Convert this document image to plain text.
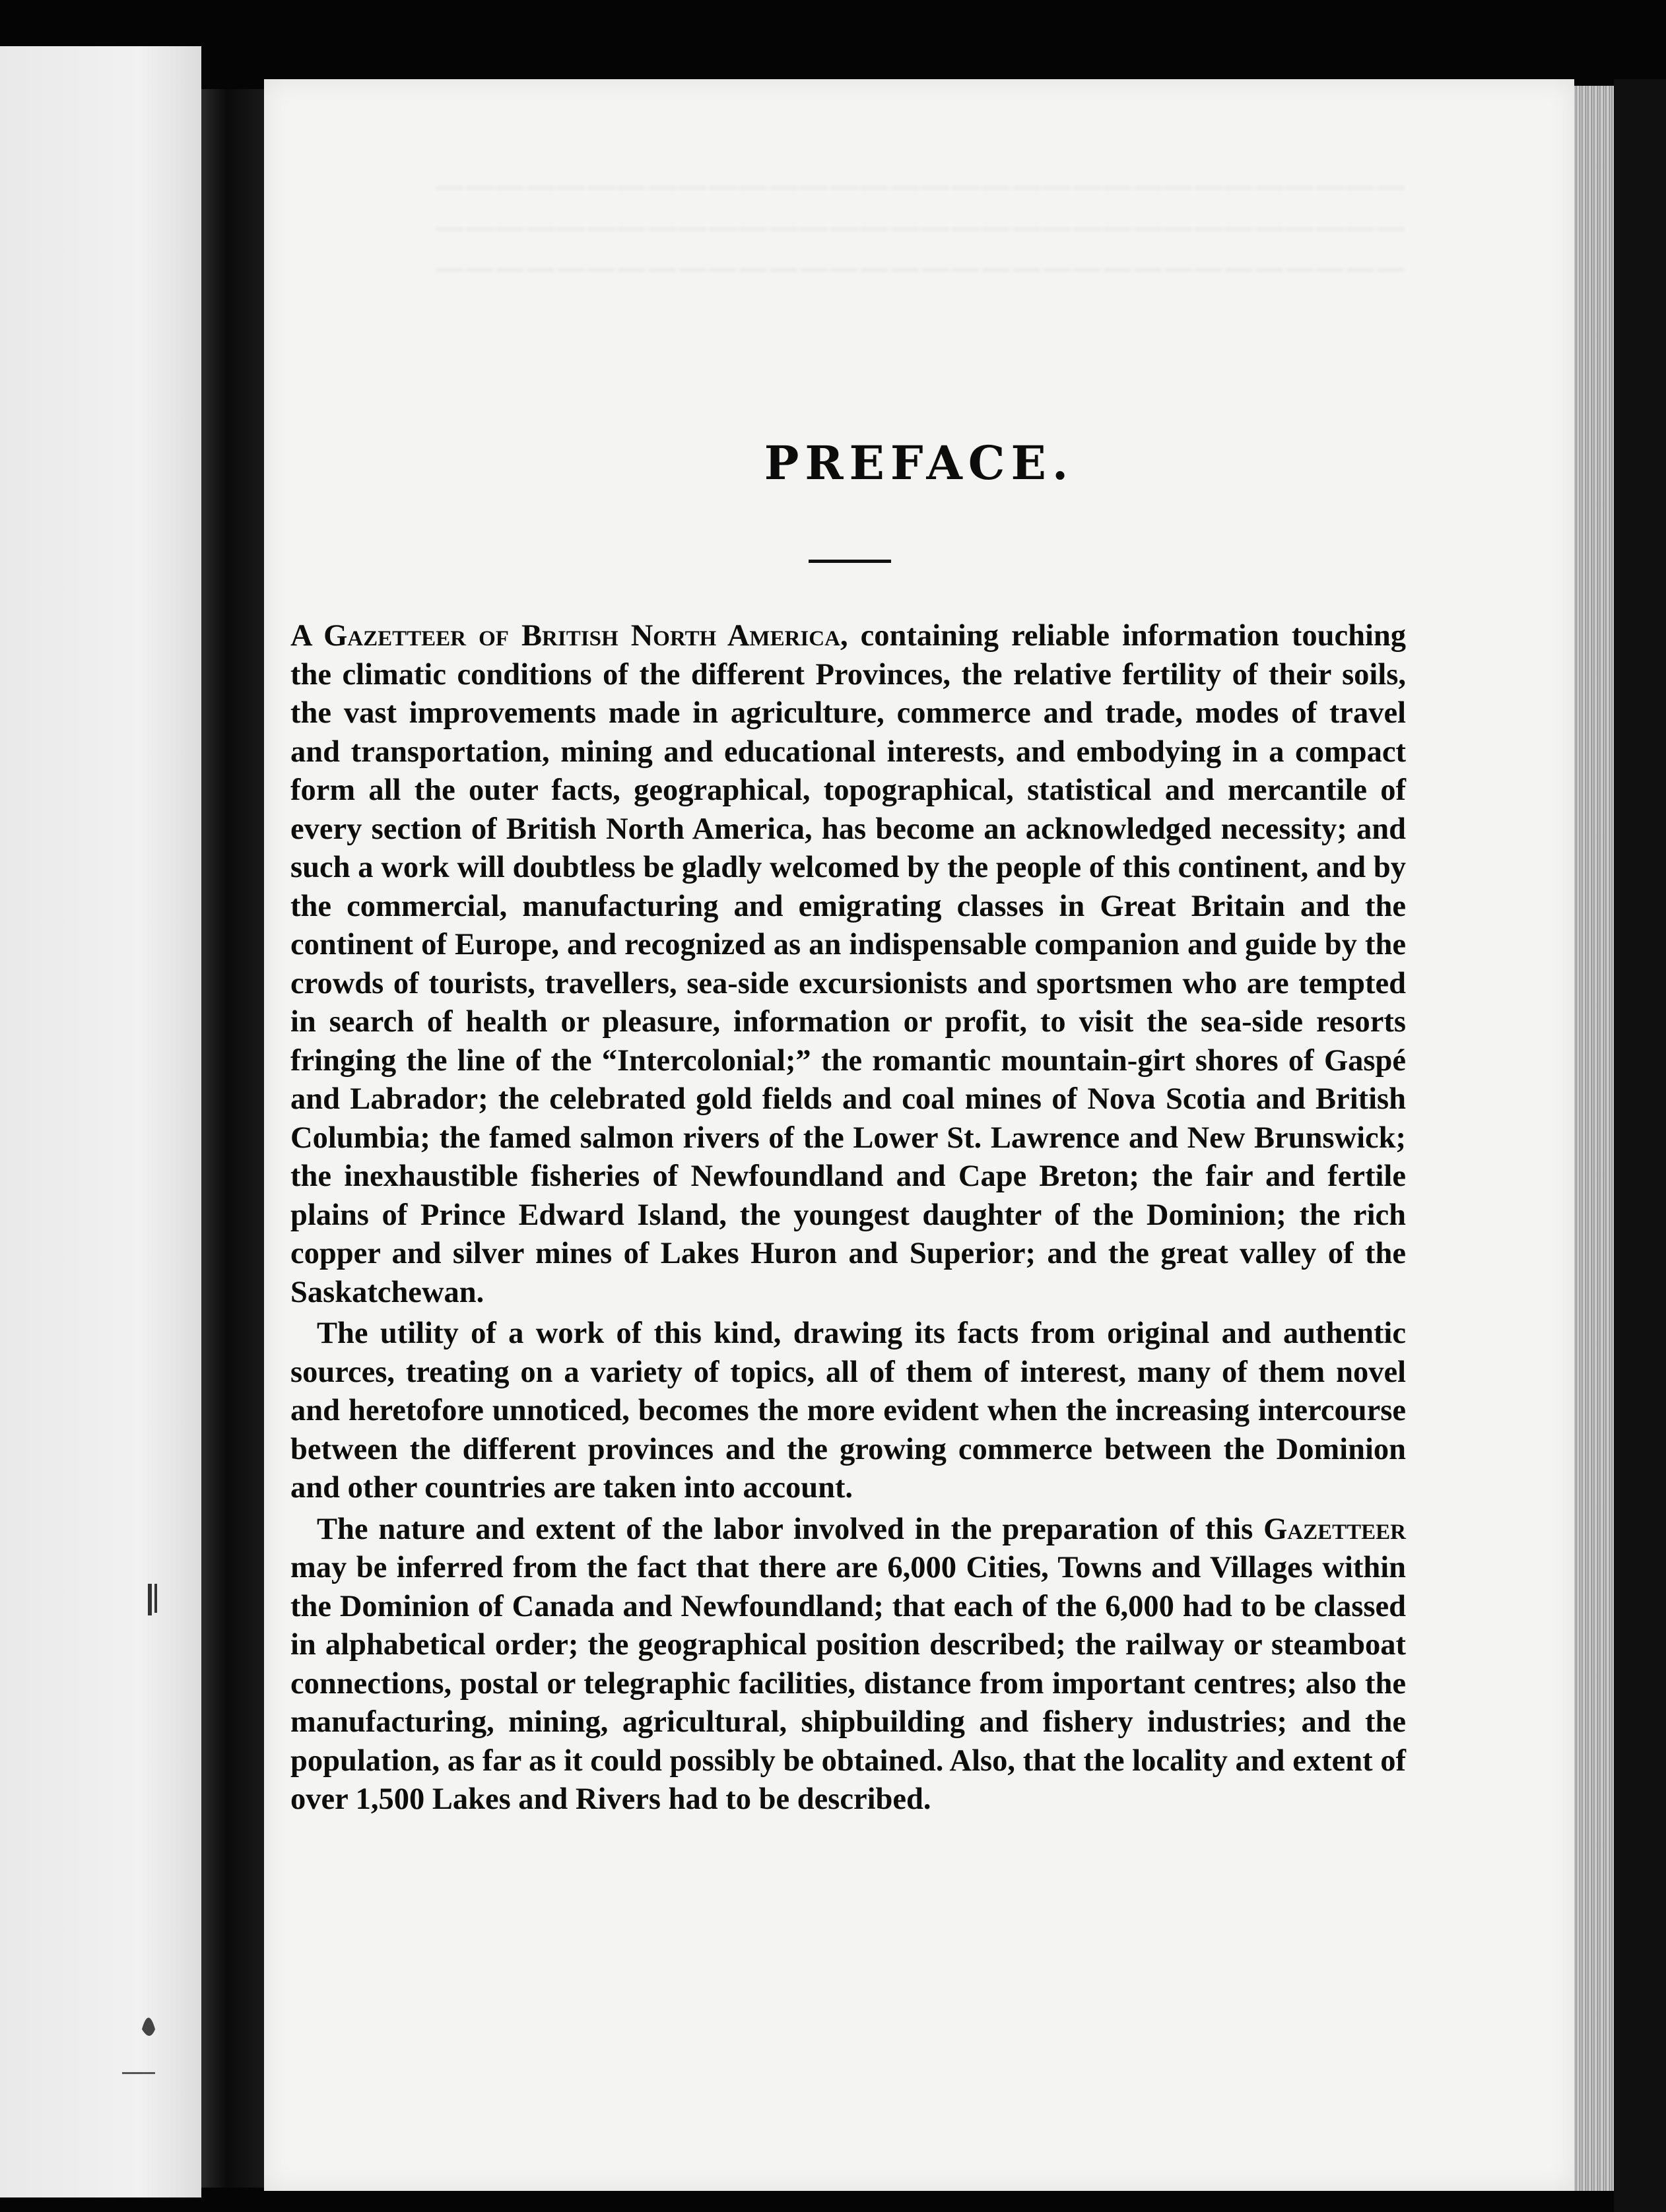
PREFACE.

A Gazetteer of British North America, containing reliable information touching the climatic conditions of the different Provinces, the relative fertility of their soils, the vast improvements made in agriculture, commerce and trade, modes of travel and transportation, mining and educational interests, and embodying in a compact form all the outer facts, geographical, topographical, statistical and mercantile of every section of British North America, has become an acknowledged necessity; and such a work will doubtless be gladly welcomed by the people of this continent, and by the commercial, manufacturing and emigrating classes in Great Britain and the continent of Europe, and recognized as an indispensable companion and guide by the crowds of tourists, travellers, sea-side excursionists and sportsmen who are tempted in search of health or pleasure, information or profit, to visit the sea-side resorts fringing the line of the “Intercolonial;” the romantic mountain-girt shores of Gaspé and Labrador; the celebrated gold fields and coal mines of Nova Scotia and British Columbia; the famed salmon rivers of the Lower St. Lawrence and New Brunswick; the inexhaustible fisheries of Newfoundland and Cape Breton; the fair and fertile plains of Prince Edward Island, the youngest daughter of the Dominion; the rich copper and silver mines of Lakes Huron and Superior; and the great valley of the Saskatchewan.

The utility of a work of this kind, drawing its facts from original and authentic sources, treating on a variety of topics, all of them of interest, many of them novel and heretofore unnoticed, becomes the more evident when the increasing intercourse between the different provinces and the growing commerce between the Dominion and other countries are taken into account.

The nature and extent of the labor involved in the preparation of this Gazetteer may be inferred from the fact that there are 6,000 Cities, Towns and Villages within the Dominion of Canada and Newfoundland; that each of the 6,000 had to be classed in alphabetical order; the geographical position described; the railway or steamboat connections, postal or telegraphic facilities, distance from important centres; also the manufacturing, mining, agricultural, shipbuilding and fishery industries; and the population, as far as it could possibly be obtained. Also, that the locality and extent of over 1,500 Lakes and Rivers had to be described.
